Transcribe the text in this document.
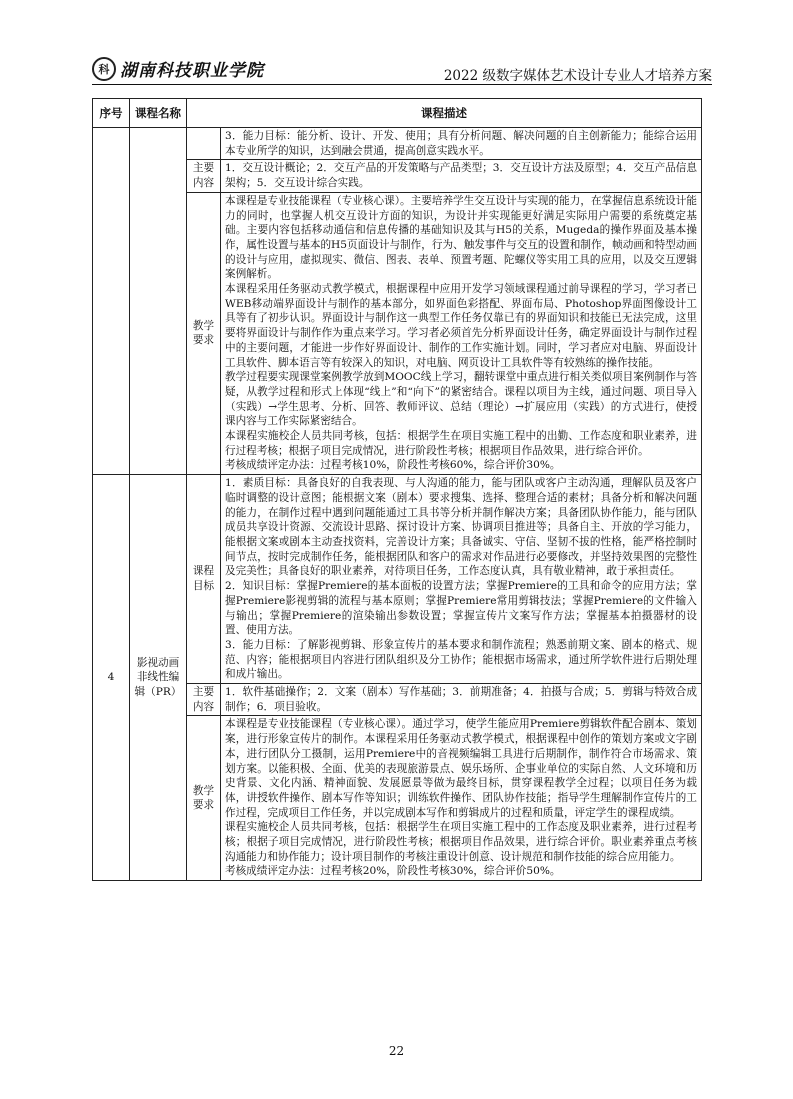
科 湖南科技职业学院	2022 级数字媒体艺术设计专业人才培养方案
序号	课程名称	课程描述	
			3．能力目标：能分析、设计、开发、使用；具有分析问题、解决问题的自主创新能力；能综合运用本专业所学的知识，达到融会贯通，提高创意实践水平。
		主要内容	1．交互设计概论；2．交互产品的开发策略与产品类型；3．交互设计方法及原型；4．交互产品信息架构；5．交互设计综合实践。
		教学要求	本课程是专业技能课程（专业核心课）。主要培养学生交互设计与实现的能力，在掌握信息系统设计能力的同时，也掌握人机交互设计方面的知识，为设计并实现能更好满足实际用户需要的系统奠定基础。主要内容包括移动通信和信息传播的基础知识及其与H5的关系，Mugeda的操作界面及基本操作，属性设置与基本的H5页面设计与制作，行为、触发事件与交互的设置和制作，帧动画和特型动画的设计与应用，虚拟现实、微信、图表、表单、预置考题、陀螺仪等实用工具的应用，以及交互逻辑案例解析。
本课程采用任务驱动式教学模式，根据课程中应用开发学习领域课程通过前导课程的学习，学习者已WEB移动端界面设计与制作的基本部分，如界面色彩搭配、界面布局、Photoshop界面图像设计工具等有了初步认识。界面设计与制作这一典型工作任务仅靠已有的界面知识和技能已无法完成，这里要将界面设计与制作作为重点来学习。学习者必须首先分析界面设计任务，确定界面设计与制作过程中的主要问题，才能进一步作好界面设计、制作的工作实施计划。同时，学习者应对电脑、界面设计工具软件、脚本语言等有较深入的知识，对电脑、网页设计工具软件等有较熟练的操作技能。
教学过程要实现课堂案例教学放到MOOC线上学习，翻转课堂中重点进行相关类似项目案例制作与答疑，从教学过程和形式上体现“线上”和“向下”的紧密结合。课程以项目为主线，通过问题、项目导入（实践）→学生思考、分析、回答、教师评议、总结（理论）→扩展应用（实践）的方式进行，使授课内容与工作实际紧密结合。
本课程实施校企人员共同考核，包括：根据学生在项目实施工程中的出勤、工作态度和职业素养，进行过程考核；根据子项目完成情况，进行阶段性考核；根据项目作品效果，进行综合评价。
考核成绩评定办法：过程考核10%，阶段性考核60%，综合评价30%。

4	影视动画非线性编辑（PR）	课程目标	1．素质目标：具备良好的自我表现、与人沟通的能力，能与团队或客户主动沟通，理解队员及客户临时调整的设计意图；能根据文案（剧本）要求搜集、选择、整理合适的素材；具备分析和解决问题的能力，在制作过程中遇到问题能通过工具书等分析并制作解决方案；具备团队协作能力，能与团队成员共享设计资源、交流设计思路、探讨设计方案、协调项目推进等；具备自主、开放的学习能力，能根据文案或剧本主动查找资料，完善设计方案；具备诚实、守信、坚韧不拔的性格，能严格控制时间节点，按时完成制作任务，能根据团队和客户的需求对作品进行必要修改，并坚持效果图的完整性及完美性；具备良好的职业素养，对待项目任务，工作态度认真，具有敬业精神，敢于承担责任。
2．知识目标：掌握Premiere的基本面板的设置方法；掌握Premiere的工具和命令的应用方法；掌握Premiere影视剪辑的流程与基本原则；掌握Premiere常用剪辑技法；掌握Premiere的文件输入与输出；掌握Premiere的渲染输出参数设置；掌握宣传片文案写作方法；掌握基本拍摄器材的设置、使用方法。
3．能力目标：了解影视剪辑、形象宣传片的基本要求和制作流程；熟悉前期文案、剧本的格式、规范、内容；能根据项目内容进行团队组织及分工协作；能根据市场需求，通过所学软件进行后期处理和成片输出。

		主要内容	1．软件基础操作；2．文案（剧本）写作基础；3．前期准备；4．拍摄与合成；5．剪辑与特效合成制作；6．项目验收。
		教学要求	本课程是专业技能课程（专业核心课）。通过学习，使学生能应用Premiere剪辑软件配合剧本、策划案，进行形象宣传片的制作。本课程采用任务驱动式教学模式，根据课程中创作的策划方案或文字剧本，进行团队分工摄制，运用Premiere中的音视频编辑工具进行后期制作，制作符合市场需求、策划方案。以能积极、全面、优美的表现旅游景点、娱乐场所、企事业单位的实际自然、人文环境和历史背景、文化内涵、精神面貌、发展愿景等做为最终目标，贯穿课程教学全过程；以项目任务为载体，讲授软件操作、剧本写作等知识；训练软件操作、团队协作技能；指导学生理解制作宣传片的工作过程，完成项目工作任务，并以完成剧本写作和剪辑成片的过程和质量，评定学生的课程成绩。
课程实施校企人员共同考核，包括：根据学生在项目实施工程中的工作态度及职业素养，进行过程考核；根据子项目完成情况，进行阶段性考核；根据项目作品效果，进行综合评价。职业素养重点考核沟通能力和协作能力；设计项目制作的考核注重设计创意、设计规范和制作技能的综合应用能力。
考核成绩评定办法：过程考核20%，阶段性考核30%，综合评价50%。
22
